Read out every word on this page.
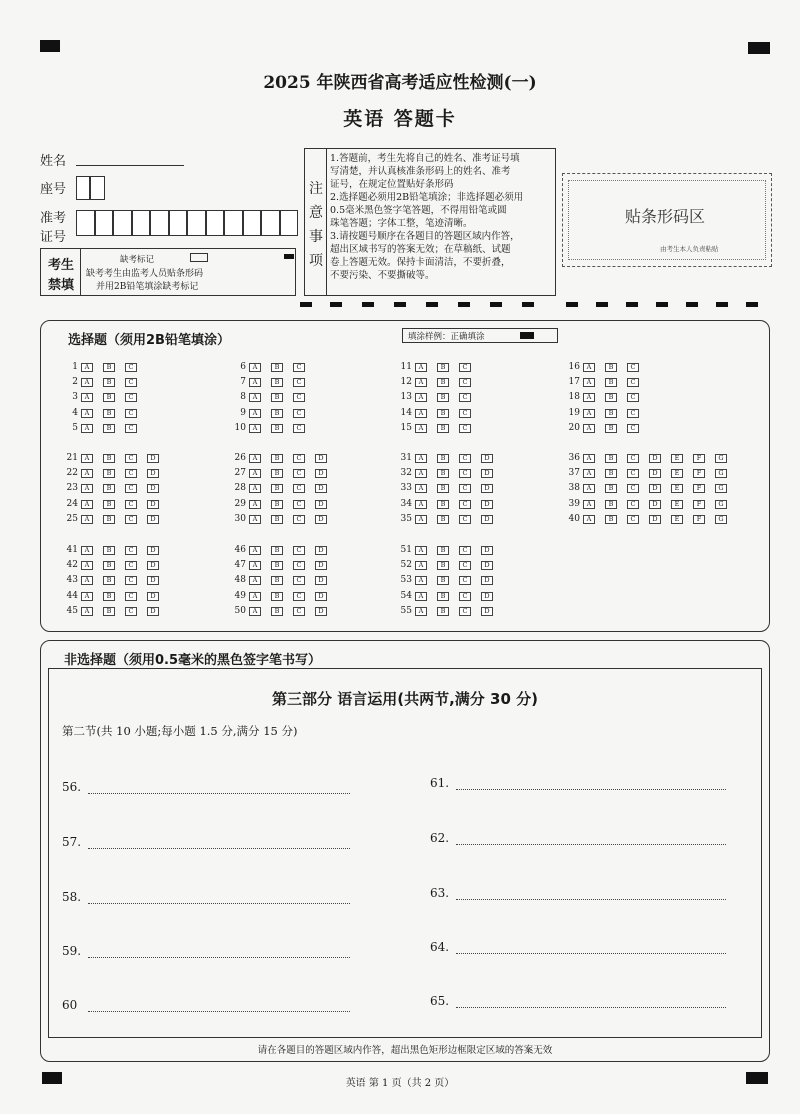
2025 年陕西省高考适应性检测(一)
英语 答题卡
姓名
座号
准考
证号
考生
禁填
缺考标记
缺考考生由监考人员贴条形码
并用2B铅笔填涂缺考标记
注
意
事
项
1.答题前，考生先将自己的姓名、准考证号填
写清楚，并认真核准条形码上的姓名、准考
证号，在规定位置贴好条形码
2.选择题必须用2B铅笔填涂；非选择题必须用
0.5毫米黑色签字笔答题，不得用铅笔或圆
珠笔答题；字体工整，笔迹清晰。
3.请按题号顺序在各题目的答题区域内作答，
超出区域书写的答案无效；在草稿纸、试题
卷上答题无效。保持卡面清洁，不要折叠，
不要污染、不要撕破等。
贴条形码区
由考生本人负责粘贴
选择题（须用2B铅笔填涂）	填涂样例：正确填涂
1 A	B	C
2 A	B	C
3 A	B	C
4 A	B	C
5 A	B	C
6 A	B	C
7 A	B	C
8 A	B	C
9 A	B	C
10 A	B	C
11 A	B	C
12 A	B	C
13 A	B	C
14 A	B	C
15 A	B	C
16 A	B	C
17 A	B	C
18 A	B	C
19 A	B	C
20 A	B	C
21 A	B	C	D
22 A	B	C	D
23 A	B	C	D
24 A	B	C	D
25 A	B	C	D
26 A	B	C	D
27 A	B	C	D
28 A	B	C	D
29 A	B	C	D
30 A	B	C	D
31 A	B	C	D
32 A	B	C	D
33 A	B	C	D
34 A	B	C	D
35 A	B	C	D
36 A	B	C	D	E	F	G
37 A	B	C	D	E	F	G
38 A	B	C	D	E	F	G
39 A	B	C	D	E	F	G
40 A	B	C	D	E	F	G
41 A	B	C	D
42 A	B	C	D
43 A	B	C	D
44 A	B	C	D
45 A	B	C	D
46 A	B	C	D
47 A	B	C	D
48 A	B	C	D
49 A	B	C	D
50 A	B	C	D
51 A	B	C	D
52 A	B	C	D
53 A	B	C	D
54 A	B	C	D
55 A	B	C	D
非选择题（须用0.5毫米的黑色签字笔书写）
第三部分 语言运用(共两节,满分 30 分)
第二节(共 10 小题;每小题 1.5 分,满分 15 分)
56.	61.
57.	62.
58.	63.
59.	64.
60	65.
请在各题目的答题区域内作答，超出黑色矩形边框限定区域的答案无效
英语 第 1 页（共 2 页）
